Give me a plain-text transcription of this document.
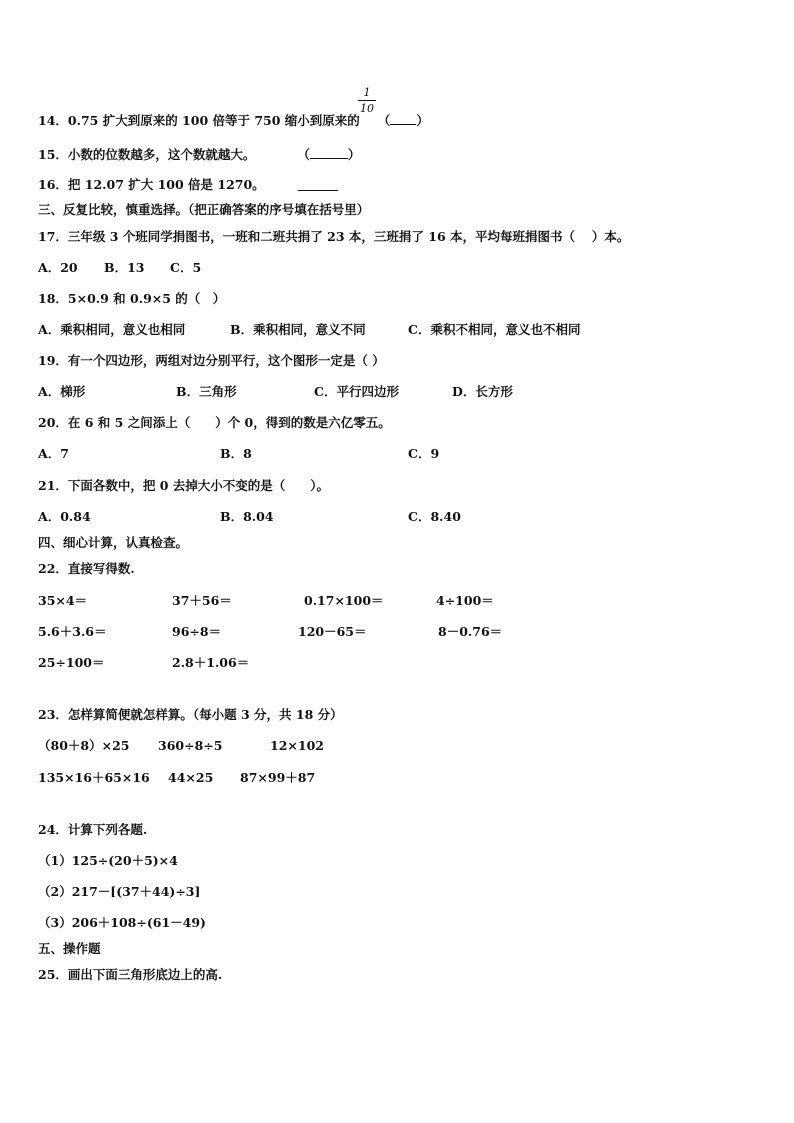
1
10
14．0.75 扩大到原来的 100 倍等于 750 缩小到原来的 （ ）
15．小数的位数越多，这个数就越大。	（	）
16．把 12.07 扩大 100 倍是 1270。
三、反复比较，慎重选择。（把正确答案的序号填在括号里）
17．三年级 3 个班同学捐图书，一班和二班共捐了 23 本，三班捐了 16 本，平均每班捐图书（　 ）本。
A．20 B．13 C．5
18．5×0.9 和 0.9×5 的（　）
A．乘积相同，意义也相同	B．乘积相同，意义不同	C．乘积不相同，意义也不相同
19．有一个四边形，两组对边分别平行，这个图形一定是（ ）
A．梯形	B．三角形	C．平行四边形	D．长方形
20．在 6 和 5 之间添上（　　）个 0，得到的数是六亿零五。
A．7	B．8	C．9
21．下面各数中，把 0 去掉大小不变的是（　　）。
A．0.84	B．8.04	C．8.40
四、细心计算，认真检查。
22．直接写得数.
35×4＝	37＋56＝	0.17×100＝	4÷100＝
5.6＋3.6＝	96÷8＝	120－65＝	8－0.76＝
25÷100＝	2.8＋1.06＝
23．怎样算简便就怎样算。（每小题 3 分，共 18 分）
（80＋8）×25 360÷8÷5	12×102
135×16＋65×16 44×25 87×99＋87
24．计算下列各题.
（1）125÷(20＋5)×4
（2）217－[(37＋44)÷3]
（3）206＋108÷(61－49)
五、操作题
25．画出下面三角形底边上的高.
